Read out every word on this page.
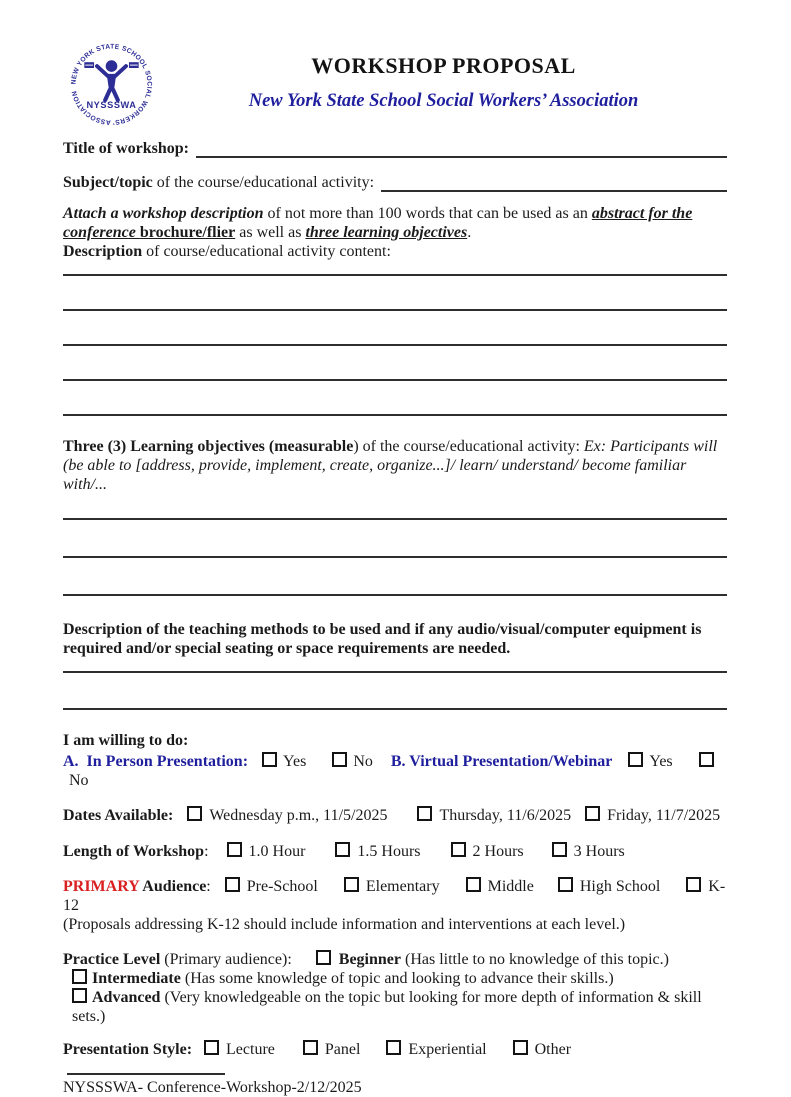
NEW YORK STATE SCHOOL SOCIAL WORKERS’ ASSOCIATION
NYSSSWA
WORKSHOP PROPOSAL
New York State School Social Workers’ Association
Title of workshop:
Subject/topic of the course/educational activity:
Attach a workshop description of not more than 100 words that can be used as an abstract for the conference brochure/flier as well as three learning objectives.
Description of course/educational activity content:
Three (3) Learning objectives (measurable) of the course/educational activity: Ex: Participants will (be able to [address, provide, implement, create, organize...]/ learn/ understand/ become familiar with/...
Description of the teaching methods to be used and if any audio/visual/computer equipment is required and/or special seating or space requirements are needed.
I am willing to do:
A.  In Person Presentation: Yes	No B. Virtual Presentation/Webinar YesNo
Dates Available: Wednesday p.m., 11/5/2025	Thursday, 11/6/2025 Friday, 11/7/2025
Length of Workshop:	1.0 Hour	1.5 Hours	2 Hours	3 Hours
PRIMARY Audience: Pre-School	Elementary	Middle	High School	K-12
(Proposals addressing K-12 should include information and interventions at each level.)
Practice Level (Primary audience):	Beginner (Has little to no knowledge of this topic.)
Intermediate (Has some knowledge of topic and looking to advance their skills.)
Advanced (Very knowledgeable on the topic but looking for more depth of information & skill sets.)
Presentation Style: Lecture	Panel	Experiential	Other
NYSSSWA- Conference-Workshop-2/12/2025
